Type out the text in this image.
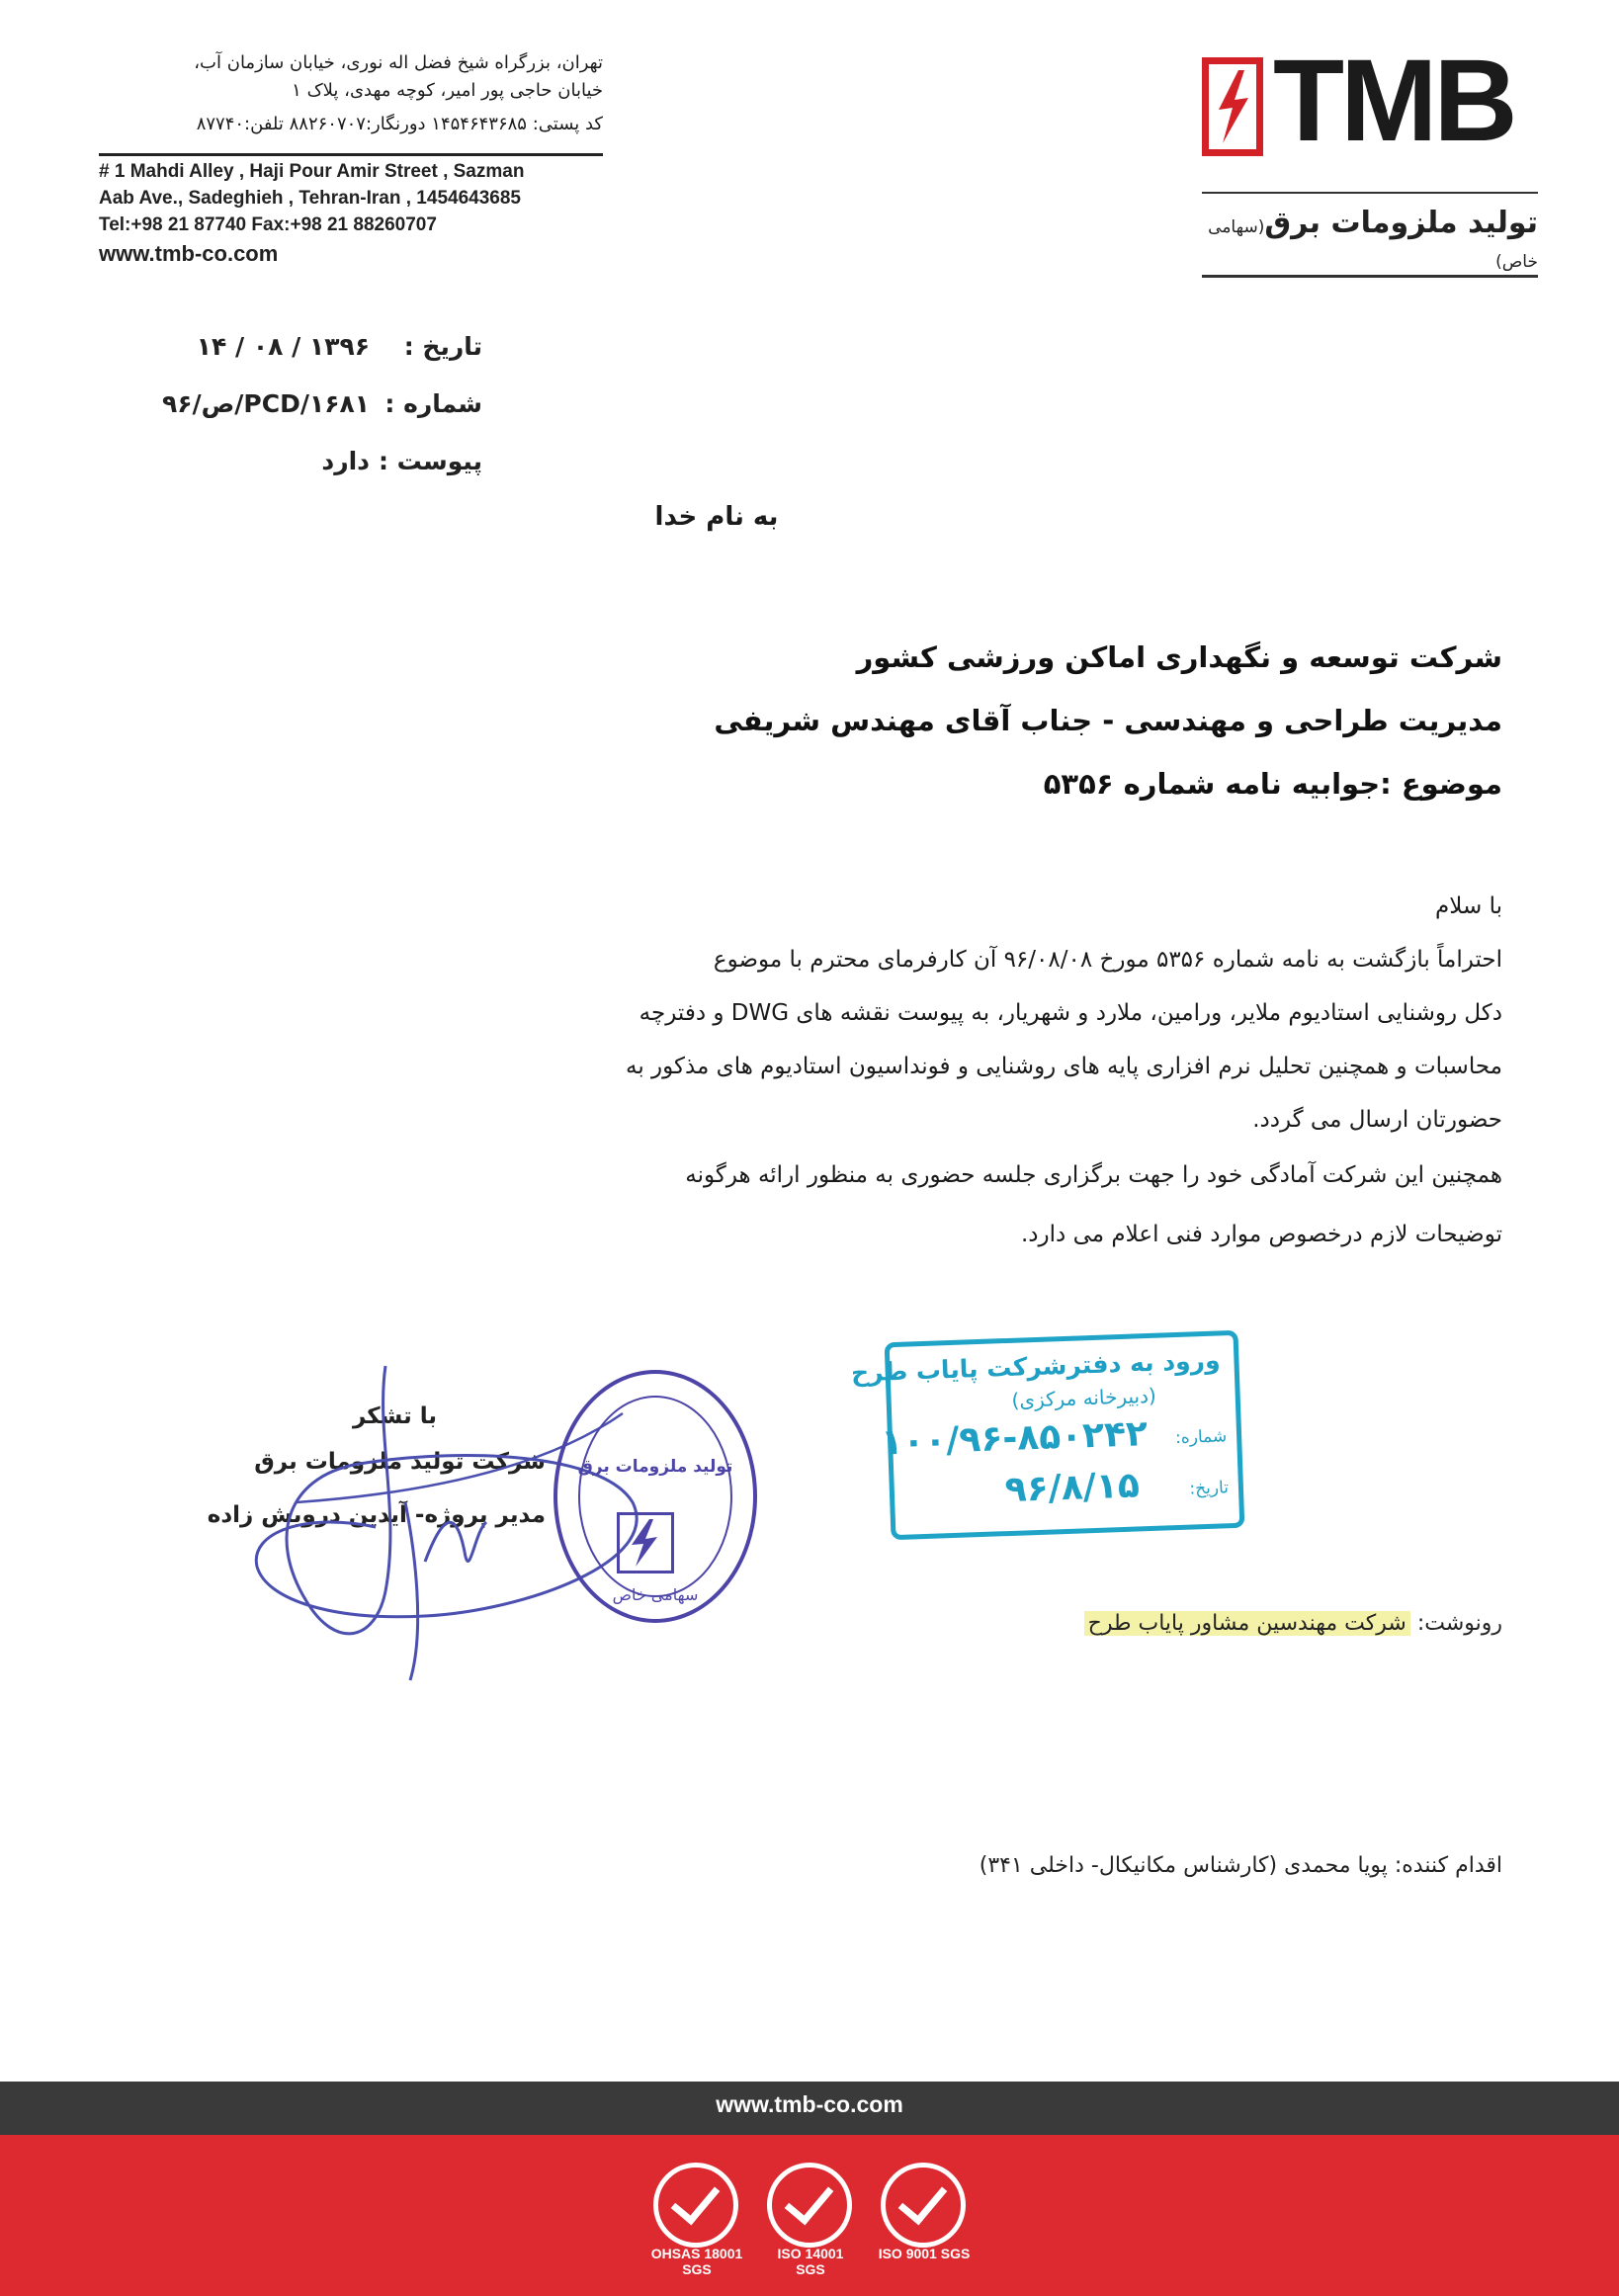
تهران، بزرگراه شیخ فضل اله نوری، خیابان سازمان آب،
خیابان حاجی پور امیر، کوچه مهدی، پلاک ۱
کد پستی: ۱۴۵۴۶۴۳۶۸۵ دورنگار:۸۸۲۶۰۷۰۷ تلفن:۸۷۷۴۰
# 1 Mahdi Alley , Haji Pour Amir Street , Sazman
Aab Ave., Sadeghieh , Tehran-Iran , 1454643685
Tel:+98 21 87740 Fax:+98 21 88260707
www.tmb-co.com
TMB
تولید ملزومات برق(سهامی خاص)
تاریخ :
۱۳۹۶ / ۰۸ / ۱۴
شماره :
PCD/۱۶۸۱/ص/۹۶
پیوست :
دارد
به نام خدا
شرکت توسعه و نگهداری اماکن ورزشی کشور
مدیریت طراحی و مهندسی - جناب آقای مهندس شریفی
موضوع :جوابیه نامه شماره ۵۳۵۶
با سلام
احتراماً بازگشت به نامه شماره ۵۳۵۶ مورخ ۹۶/۰۸/۰۸ آن کارفرمای محترم با موضوع
دکل روشنایی استادیوم ملایر، ورامین، ملارد و شهریار، به پیوست نقشه های DWG و دفترچه
محاسبات و همچنین تحلیل نرم افزاری پایه های روشنایی و فونداسیون استادیوم های مذکور به
حضورتان ارسال می گردد.
همچنین این شرکت آمادگی خود را جهت برگزاری جلسه حضوری به منظور ارائه هرگونه
توضیحات لازم درخصوص موارد فنی اعلام می دارد.
با تشکر
شرکت تولید ملزومات برق
مدیر پروژه- آیدین درویش زاده
تولید ملزومات برق
سهامی خاص
ورود به دفترشرکت پایاب طرح
(دبیرخانه مرکزی)
شماره:
۱۰۰/۹۶-۸۵۰۲۴۲
تاریخ:
۹۶/۸/۱۵
رونوشت: شرکت مهندسین مشاور پایاب طرح
اقدام کننده: پویا محمدی (کارشناس مکانیکال- داخلی ۳۴۱)
www.tmb-co.com
OHSAS 18001 SGS
ISO 14001 SGS
ISO 9001 SGS
